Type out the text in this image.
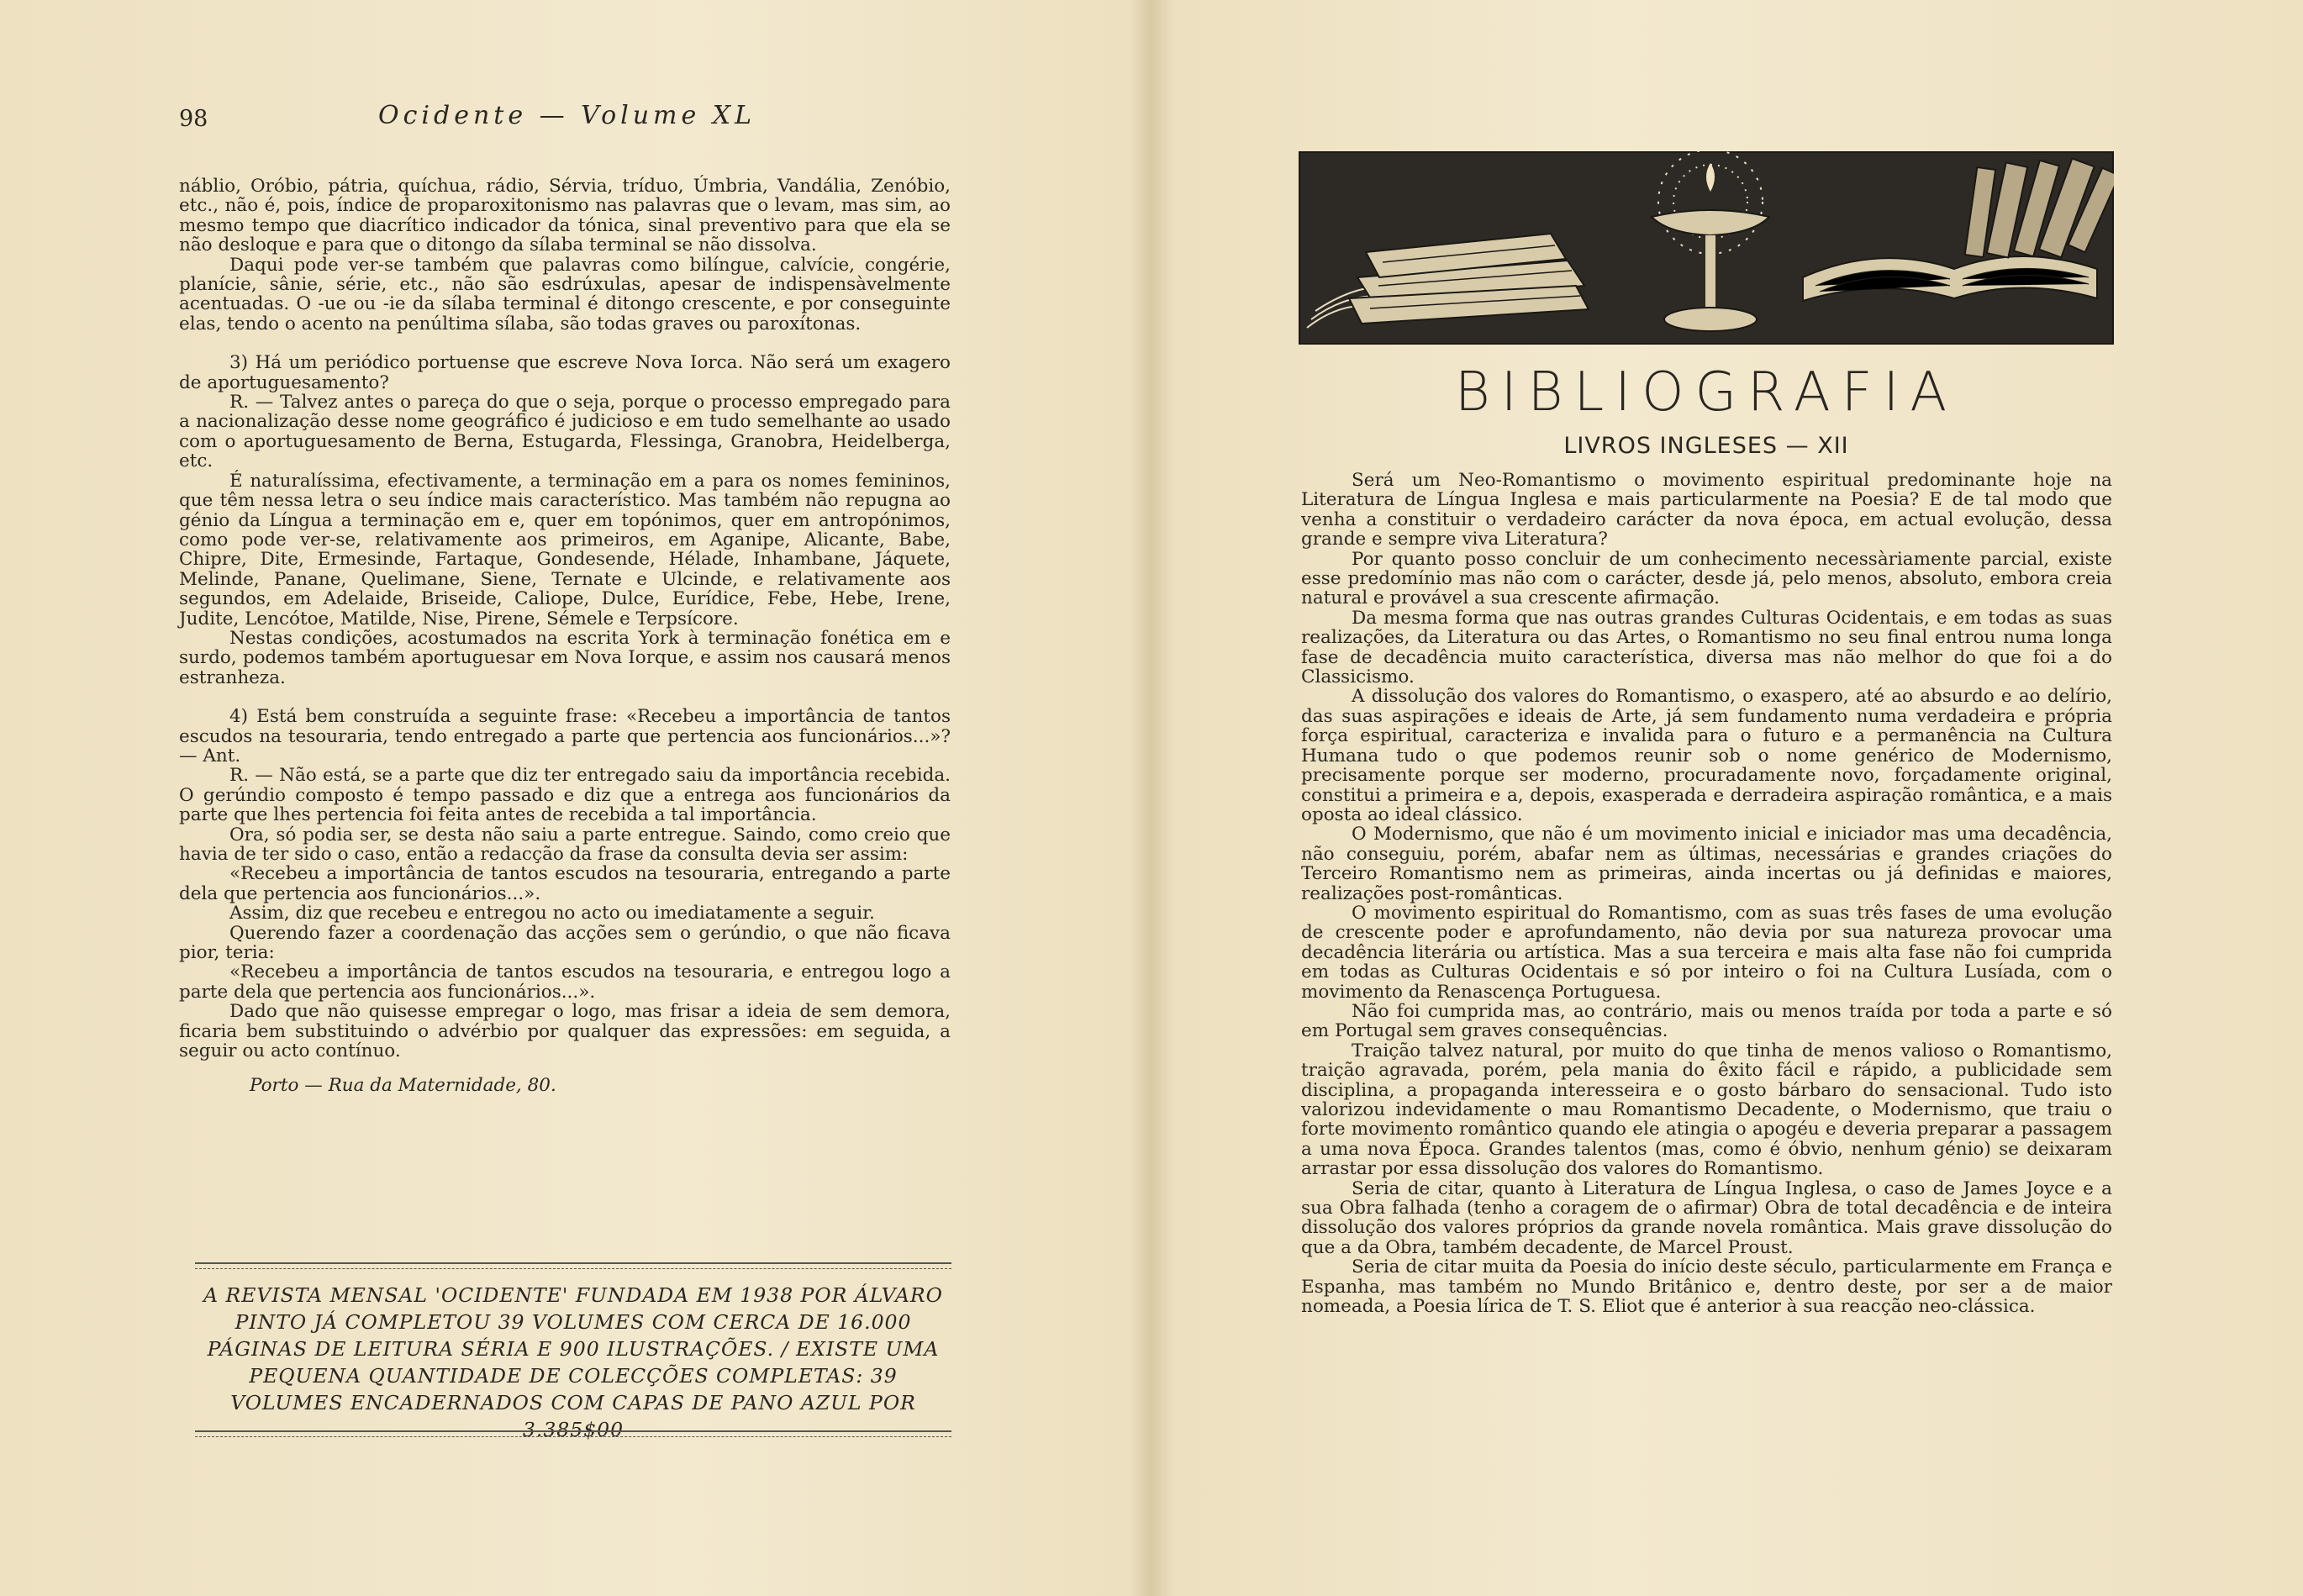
98	Ocidente — Volume XL

náblio, Oróbio, pátria, quíchua, rádio, Sérvia, tríduo, Úmbria, Vandália, Zenóbio, etc., não é, pois, índice de proparoxitonismo nas palavras que o levam, mas sim, ao mesmo tempo que diacrítico indicador da tónica, sinal preventivo para que ela se não desloque e para que o ditongo da sílaba terminal se não dissolva.

Daqui pode ver-se também que palavras como bilíngue, calvície, congérie, planície, sânie, série, etc., não são esdrúxulas, apesar de indispensàvelmente acentuadas. O -ue ou -ie da sílaba terminal é ditongo crescente, e por conseguinte elas, tendo o acento na penúltima sílaba, são todas graves ou paroxítonas.

3) Há um periódico portuense que escreve Nova Iorca. Não será um exagero de aportuguesamento?

R. — Talvez antes o pareça do que o seja, porque o processo empregado para a nacionalização desse nome geográfico é judicioso e em tudo semelhante ao usado com o aportuguesamento de Berna, Estugarda, Flessinga, Granobra, Heidelberga, etc.

É naturalíssima, efectivamente, a terminação em a para os nomes femininos, que têm nessa letra o seu índice mais característico. Mas também não repugna ao génio da Língua a terminação em e, quer em topónimos, quer em antropónimos, como pode ver-se, relativamente aos primeiros, em Aganipe, Alicante, Babe, Chipre, Dite, Ermesinde, Fartaque, Gondesende, Hélade, Inhambane, Jáquete, Melinde, Panane, Quelimane, Siene, Ternate e Ulcinde, e relativamente aos segundos, em Adelaide, Briseide, Caliope, Dulce, Eurídice, Febe, Hebe, Irene, Judite, Lencótoe, Matilde, Nise, Pirene, Sémele e Terpsícore.

Nestas condições, acostumados na escrita York à terminação fonética em e surdo, podemos também aportuguesar em Nova Iorque, e assim nos causará menos estranheza.

4) Está bem construída a seguinte frase: «Recebeu a importância de tantos escudos na tesouraria, tendo entregado a parte que pertencia aos funcionários...»? — Ant.

R. — Não está, se a parte que diz ter entregado saiu da importância recebida. O gerúndio composto é tempo passado e diz que a entrega aos funcionários da parte que lhes pertencia foi feita antes de recebida a tal importância.

Ora, só podia ser, se desta não saiu a parte entregue. Saindo, como creio que havia de ter sido o caso, então a redacção da frase da consulta devia ser assim:

«Recebeu a importância de tantos escudos na tesouraria, entregando a parte dela que pertencia aos funcionários...».

Assim, diz que recebeu e entregou no acto ou imediatamente a seguir.

Querendo fazer a coordenação das acções sem o gerúndio, o que não ficava pior, teria:

«Recebeu a importância de tantos escudos na tesouraria, e entregou logo a parte dela que pertencia aos funcionários...».

Dado que não quisesse empregar o logo, mas frisar a ideia de sem demora, ficaria bem substituindo o advérbio por qualquer das expressões: em seguida, a seguir ou acto contínuo.

Porto — Rua da Maternidade, 80.

A REVISTA MENSAL 'OCIDENTE' FUNDADA EM 1938 POR ÁLVARO PINTO JÁ COMPLETOU 39 VOLUMES COM CERCA DE 16.000 PÁGINAS DE LEITURA SÉRIA E 900 ILUSTRAÇÕES. / EXISTE UMA PEQUENA QUANTIDADE DE COLECÇÕES COMPLETAS: 39 VOLUMES ENCADERNADOS COM CAPAS DE PANO AZUL POR 3.385$00
BIBLIOGRAFIA
LIVROS INGLESES — XII

Será um Neo-Romantismo o movimento espiritual predominante hoje na Literatura de Língua Inglesa e mais particularmente na Poesia? E de tal modo que venha a constituir o verdadeiro carácter da nova época, em actual evolução, dessa grande e sempre viva Literatura?

Por quanto posso concluir de um conhecimento necessàriamente parcial, existe esse predomínio mas não com o carácter, desde já, pelo menos, absoluto, embora creia natural e provável a sua crescente afirmação.

Da mesma forma que nas outras grandes Culturas Ocidentais, e em todas as suas realizações, da Literatura ou das Artes, o Romantismo no seu final entrou numa longa fase de decadência muito característica, diversa mas não melhor do que foi a do Classicismo.

A dissolução dos valores do Romantismo, o exaspero, até ao absurdo e ao delírio, das suas aspirações e ideais de Arte, já sem fundamento numa verdadeira e própria força espiritual, caracteriza e invalida para o futuro e a permanência na Cultura Humana tudo o que podemos reunir sob o nome genérico de Modernismo, precisamente porque ser moderno, procuradamente novo, forçadamente original, constitui a primeira e a, depois, exasperada e derradeira aspiração romântica, e a mais oposta ao ideal clássico.

O Modernismo, que não é um movimento inicial e iniciador mas uma decadência, não conseguiu, porém, abafar nem as últimas, necessárias e grandes criações do Terceiro Romantismo nem as primeiras, ainda incertas ou já definidas e maiores, realizações post-românticas.

O movimento espiritual do Romantismo, com as suas três fases de uma evolução de crescente poder e aprofundamento, não devia por sua natureza provocar uma decadência literária ou artística. Mas a sua terceira e mais alta fase não foi cumprida em todas as Culturas Ocidentais e só por inteiro o foi na Cultura Lusíada, com o movimento da Renascença Portuguesa.

Não foi cumprida mas, ao contrário, mais ou menos traída por toda a parte e só em Portugal sem graves consequências.

Traição talvez natural, por muito do que tinha de menos valioso o Romantismo, traição agravada, porém, pela mania do êxito fácil e rápido, a publicidade sem disciplina, a propaganda interesseira e o gosto bárbaro do sensacional. Tudo isto valorizou indevidamente o mau Romantismo Decadente, o Modernismo, que traiu o forte movimento romântico quando ele atingia o apogéu e deveria preparar a passagem a uma nova Época. Grandes talentos (mas, como é óbvio, nenhum génio) se deixaram arrastar por essa dissolução dos valores do Romantismo.

Seria de citar, quanto à Literatura de Língua Inglesa, o caso de James Joyce e a sua Obra falhada (tenho a coragem de o afirmar) Obra de total decadência e de inteira dissolução dos valores próprios da grande novela romântica. Mais grave dissolução do que a da Obra, também decadente, de Marcel Proust.

Seria de citar muita da Poesia do início deste século, particularmente em França e Espanha, mas também no Mundo Britânico e, dentro deste, por ser a de maior nomeada, a Poesia lírica de T. S. Eliot que é anterior à sua reacção neo-clássica.
